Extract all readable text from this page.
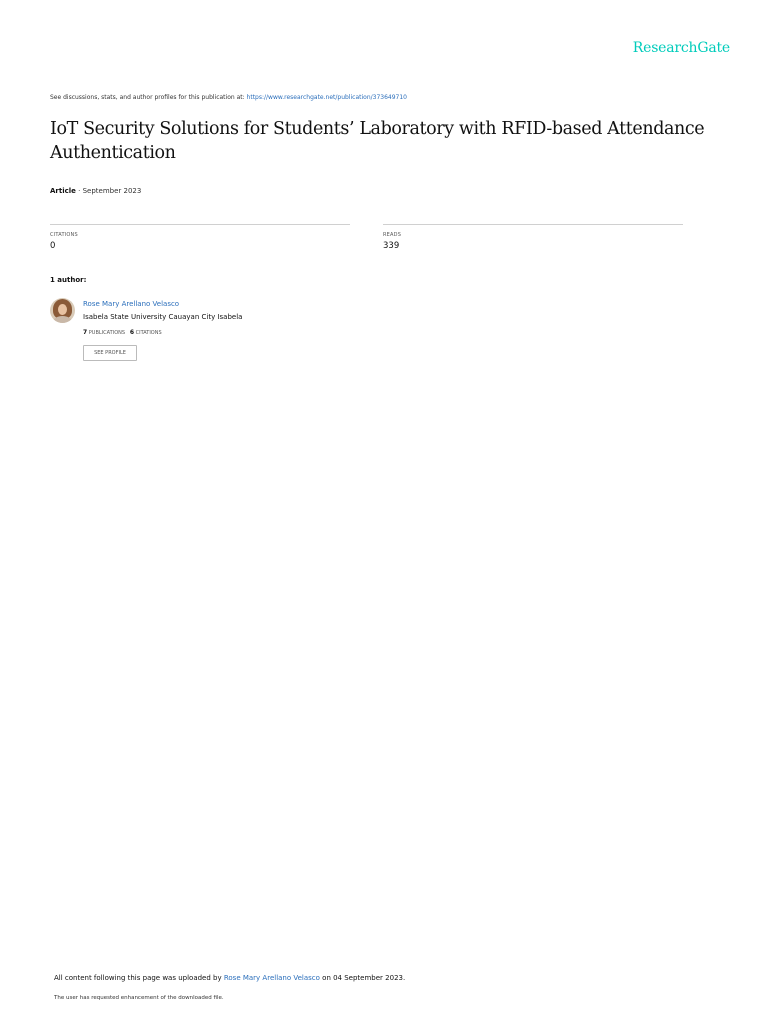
ResearchGate
See discussions, stats, and author profiles for this publication at: https://www.researchgate.net/publication/373649710
IoT Security Solutions for Students’ Laboratory with RFID-based Attendance Authentication
Article · September 2023
CITATIONS
0
READS
339
1 author:
Rose Mary Arellano Velasco
Isabela State University Cauayan City Isabela
7 PUBLICATIONS 6 CITATIONS
SEE PROFILE
All content following this page was uploaded by Rose Mary Arellano Velasco on 04 September 2023.
The user has requested enhancement of the downloaded file.
